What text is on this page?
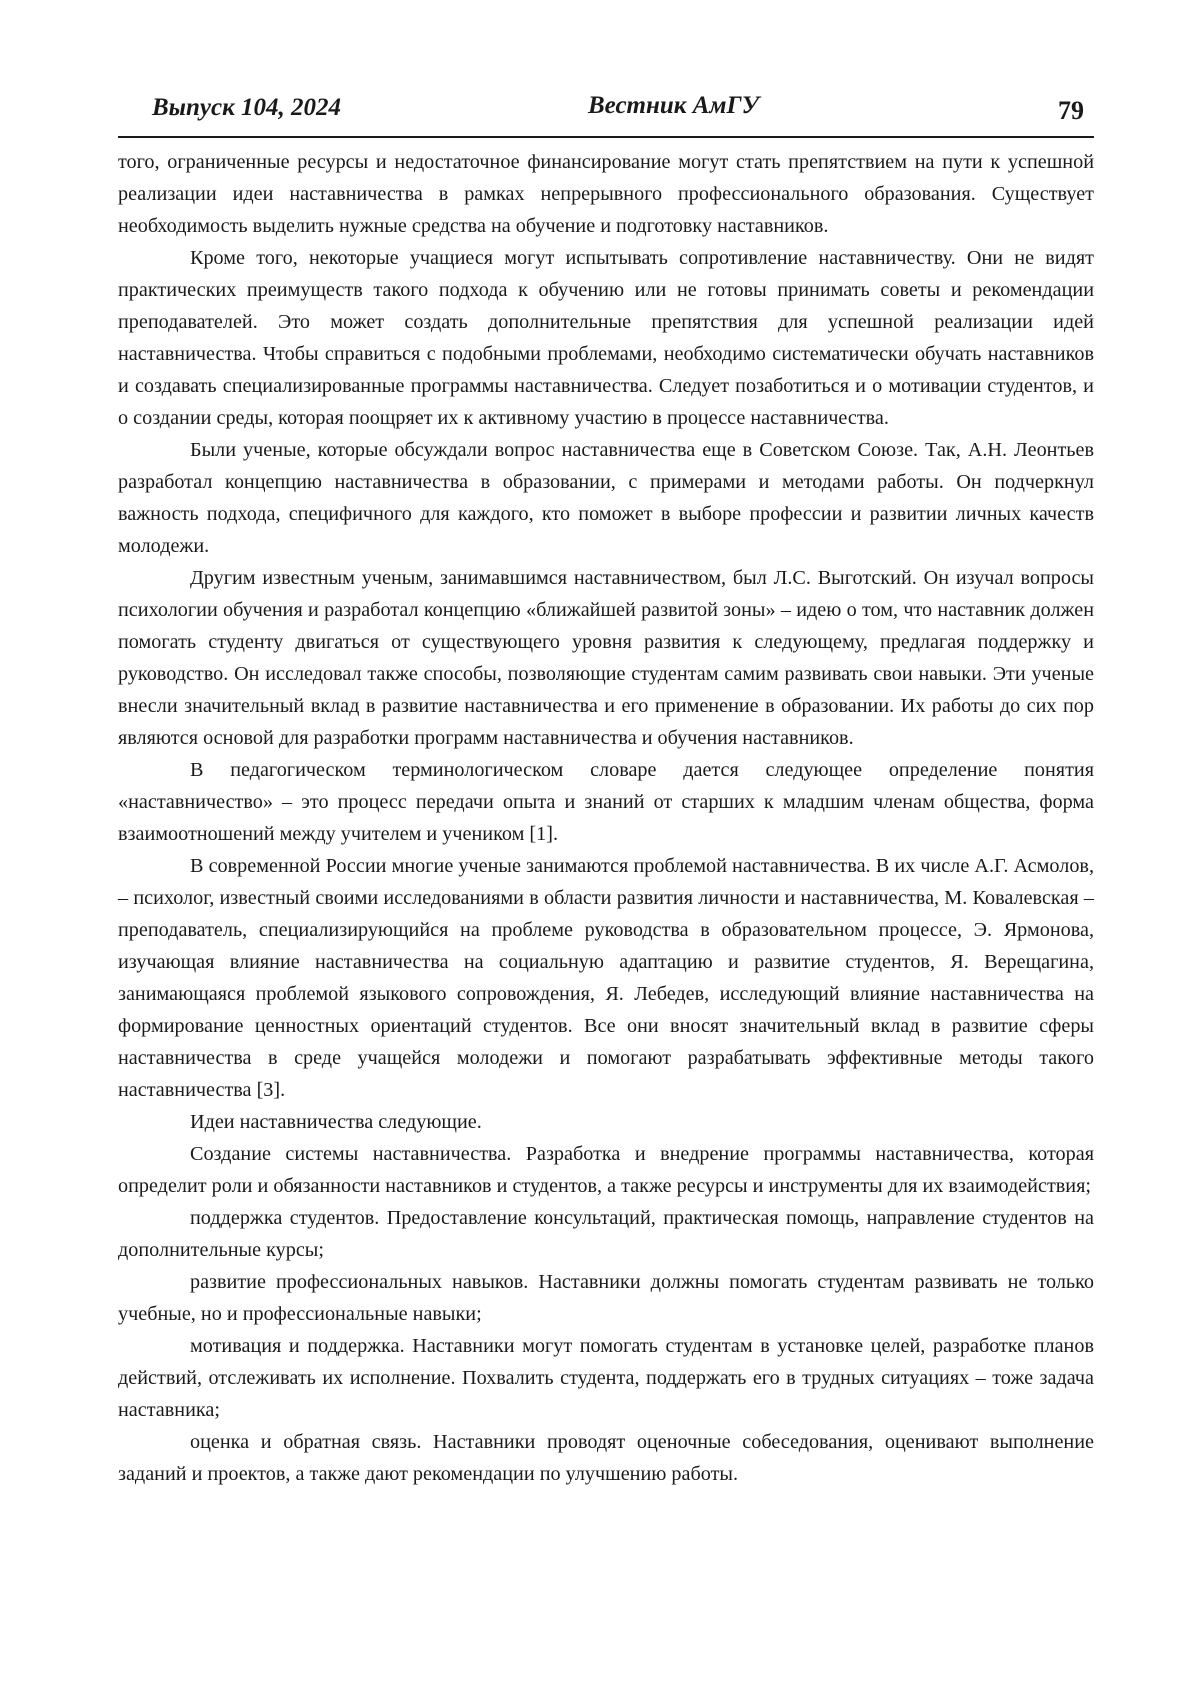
Выпуск 104, 2024	Вестник АмГУ	79

того, ограниченные ресурсы и недостаточное финансирование могут стать препятствием на пути к успешной реализации идеи наставничества в рамках непрерывного профессионального образования. Существует необходимость выделить нужные средства на обучение и подготовку наставников.

Кроме того, некоторые учащиеся могут испытывать сопротивление наставничеству. Они не видят практических преимуществ такого подхода к обучению или не готовы принимать советы и рекомендации преподавателей. Это может создать дополнительные препятствия для успешной реализации идей наставничества. Чтобы справиться с подобными проблемами, необходимо систематически обучать наставников и создавать специализированные программы наставничества. Следует позаботиться и о мотивации студентов, и о создании среды, которая поощряет их к активному участию в процессе наставничества.

Были ученые, которые обсуждали вопрос наставничества еще в Советском Союзе. Так, А.Н. Леонтьев разработал концепцию наставничества в образовании, с примерами и методами работы. Он подчеркнул важность подхода, специфичного для каждого, кто поможет в выборе профессии и развитии личных качеств молодежи.

Другим известным ученым, занимавшимся наставничеством, был Л.С. Выготский. Он изучал вопросы психологии обучения и разработал концепцию «ближайшей развитой зоны» – идею о том, что наставник должен помогать студенту двигаться от существующего уровня развития к следующему, предлагая поддержку и руководство. Он исследовал также способы, позволяющие студентам самим развивать свои навыки. Эти ученые внесли значительный вклад в развитие наставничества и его применение в образовании. Их работы до сих пор являются основой для разработки программ наставничества и обучения наставников.

В педагогическом терминологическом словаре дается следующее определение понятия «наставничество» – это процесс передачи опыта и знаний от старших к младшим членам общества, форма взаимоотношений между учителем и учеником [1].

В современной России многие ученые занимаются проблемой наставничества. В их числе А.Г. Асмолов, – психолог, известный своими исследованиями в области развития личности и наставничества, М. Ковалевская – преподаватель, специализирующийся на проблеме руководства в образовательном процессе, Э. Ярмонова, изучающая влияние наставничества на социальную адаптацию и развитие студентов, Я. Верещагина, занимающаяся проблемой языкового сопровождения, Я. Лебедев, исследующий влияние наставничества на формирование ценностных ориентаций студентов. Все они вносят значительный вклад в развитие сферы наставничества в среде учащейся молодежи и помогают разрабатывать эффективные методы такого наставничества [3].

Идеи наставничества следующие.

Создание системы наставничества. Разработка и внедрение программы наставничества, которая определит роли и обязанности наставников и студентов, а также ресурсы и инструменты для их взаимодействия;

поддержка студентов. Предоставление консультаций, практическая помощь, направление студентов на дополнительные курсы;

развитие профессиональных навыков. Наставники должны помогать студентам развивать не только учебные, но и профессиональные навыки;

мотивация и поддержка. Наставники могут помогать студентам в установке целей, разработке планов действий, отслеживать их исполнение. Похвалить студента, поддержать его в трудных ситуациях – тоже задача наставника;

оценка и обратная связь. Наставники проводят оценочные собеседования, оценивают выполнение заданий и проектов, а также дают рекомендации по улучшению работы.
